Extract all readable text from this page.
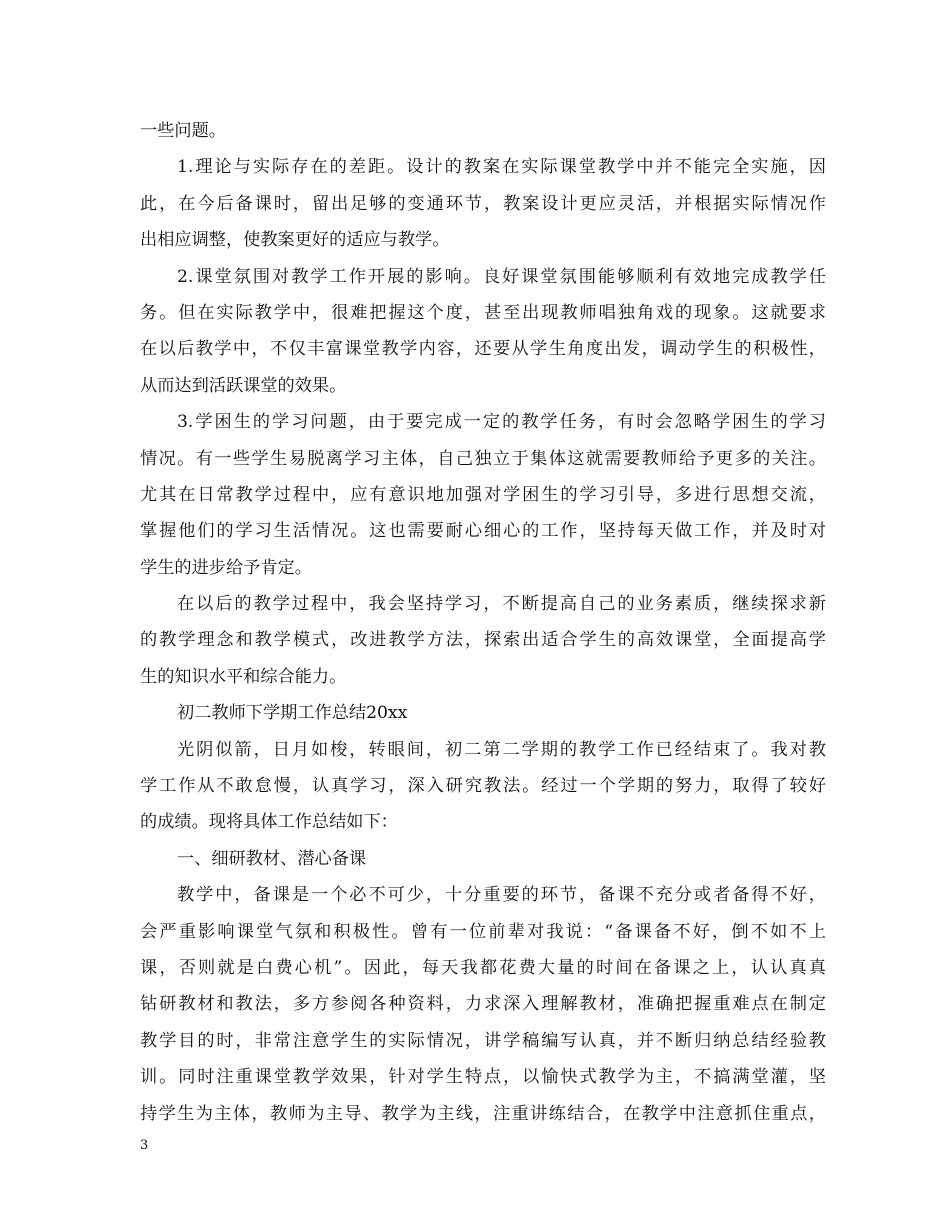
一些问题。
1.理论与实际存在的差距。设计的教案在实际课堂教学中并不能完全实施，因
此，在今后备课时，留出足够的变通环节，教案设计更应灵活，并根据实际情况作
出相应调整，使教案更好的适应与教学。
2.课堂氛围对教学工作开展的影响。良好课堂氛围能够顺利有效地完成教学任
务。但在实际教学中，很难把握这个度，甚至出现教师唱独角戏的现象。这就要求
在以后教学中，不仅丰富课堂教学内容，还要从学生角度出发，调动学生的积极性，
从而达到活跃课堂的效果。
3.学困生的学习问题，由于要完成一定的教学任务，有时会忽略学困生的学习
情况。有一些学生易脱离学习主体，自己独立于集体这就需要教师给予更多的关注。
尤其在日常教学过程中，应有意识地加强对学困生的学习引导，多进行思想交流，
掌握他们的学习生活情况。这也需要耐心细心的工作，坚持每天做工作，并及时对
学生的进步给予肯定。
在以后的教学过程中，我会坚持学习，不断提高自己的业务素质，继续探求新
的教学理念和教学模式，改进教学方法，探索出适合学生的高效课堂，全面提高学
生的知识水平和综合能力。
初二教师下学期工作总结20xx
光阴似箭，日月如梭，转眼间，初二第二学期的教学工作已经结束了。我对教
学工作从不敢怠慢，认真学习，深入研究教法。经过一个学期的努力，取得了较好
的成绩。现将具体工作总结如下：
一、细研教材、潜心备课
教学中，备课是一个必不可少，十分重要的环节，备课不充分或者备得不好，
会严重影响课堂气氛和积极性。曾有一位前辈对我说：“备课备不好，倒不如不上
课，否则就是白费心机”。因此，每天我都花费大量的时间在备课之上，认认真真
钻研教材和教法，多方参阅各种资料，力求深入理解教材，准确把握重难点在制定
教学目的时，非常注意学生的实际情况，讲学稿编写认真，并不断归纳总结经验教
训。同时注重课堂教学效果，针对学生特点，以愉快式教学为主，不搞满堂灌，坚
持学生为主体，教师为主导、教学为主线，注重讲练结合，在教学中注意抓住重点，
3
